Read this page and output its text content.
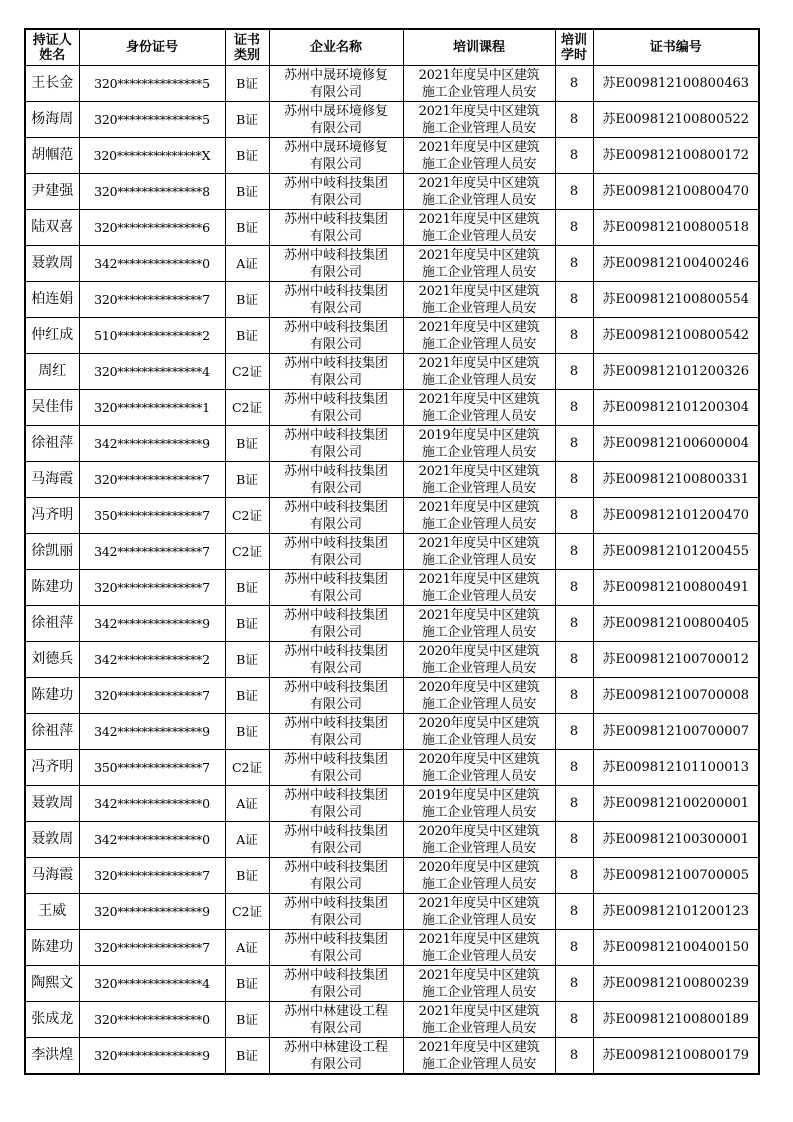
持证人
姓名	身份证号	证书
类别	企业名称	培训课程	培训
学时	证书编号
王长金	320**************5	B证	苏州中晟环境修复
有限公司	2021年度吴中区建筑
施工企业管理人员安	8	苏E009812100800463
杨海周	320**************5	B证	苏州中晟环境修复
有限公司	2021年度吴中区建筑
施工企业管理人员安	8	苏E009812100800522
胡帼范	320**************X	B证	苏州中晟环境修复
有限公司	2021年度吴中区建筑
施工企业管理人员安	8	苏E009812100800172
尹建强	320**************8	B证	苏州中岐科技集团
有限公司	2021年度吴中区建筑
施工企业管理人员安	8	苏E009812100800470
陆双喜	320**************6	B证	苏州中岐科技集团
有限公司	2021年度吴中区建筑
施工企业管理人员安	8	苏E009812100800518
聂敦周	342**************0	A证	苏州中岐科技集团
有限公司	2021年度吴中区建筑
施工企业管理人员安	8	苏E009812100400246
柏连娟	320**************7	B证	苏州中岐科技集团
有限公司	2021年度吴中区建筑
施工企业管理人员安	8	苏E009812100800554
仲红成	510**************2	B证	苏州中岐科技集团
有限公司	2021年度吴中区建筑
施工企业管理人员安	8	苏E009812100800542
周红	320**************4	C2证	苏州中岐科技集团
有限公司	2021年度吴中区建筑
施工企业管理人员安	8	苏E009812101200326
吴佳伟	320**************1	C2证	苏州中岐科技集团
有限公司	2021年度吴中区建筑
施工企业管理人员安	8	苏E009812101200304
徐祖萍	342**************9	B证	苏州中岐科技集团
有限公司	2019年度吴中区建筑
施工企业管理人员安	8	苏E009812100600004
马海霞	320**************7	B证	苏州中岐科技集团
有限公司	2021年度吴中区建筑
施工企业管理人员安	8	苏E009812100800331
冯齐明	350**************7	C2证	苏州中岐科技集团
有限公司	2021年度吴中区建筑
施工企业管理人员安	8	苏E009812101200470
徐凯丽	342**************7	C2证	苏州中岐科技集团
有限公司	2021年度吴中区建筑
施工企业管理人员安	8	苏E009812101200455
陈建功	320**************7	B证	苏州中岐科技集团
有限公司	2021年度吴中区建筑
施工企业管理人员安	8	苏E009812100800491
徐祖萍	342**************9	B证	苏州中岐科技集团
有限公司	2021年度吴中区建筑
施工企业管理人员安	8	苏E009812100800405
刘德兵	342**************2	B证	苏州中岐科技集团
有限公司	2020年度吴中区建筑
施工企业管理人员安	8	苏E009812100700012
陈建功	320**************7	B证	苏州中岐科技集团
有限公司	2020年度吴中区建筑
施工企业管理人员安	8	苏E009812100700008
徐祖萍	342**************9	B证	苏州中岐科技集团
有限公司	2020年度吴中区建筑
施工企业管理人员安	8	苏E009812100700007
冯齐明	350**************7	C2证	苏州中岐科技集团
有限公司	2020年度吴中区建筑
施工企业管理人员安	8	苏E009812101100013
聂敦周	342**************0	A证	苏州中岐科技集团
有限公司	2019年度吴中区建筑
施工企业管理人员安	8	苏E009812100200001
聂敦周	342**************0	A证	苏州中岐科技集团
有限公司	2020年度吴中区建筑
施工企业管理人员安	8	苏E009812100300001
马海霞	320**************7	B证	苏州中岐科技集团
有限公司	2020年度吴中区建筑
施工企业管理人员安	8	苏E009812100700005
王威	320**************9	C2证	苏州中岐科技集团
有限公司	2021年度吴中区建筑
施工企业管理人员安	8	苏E009812101200123
陈建功	320**************7	A证	苏州中岐科技集团
有限公司	2021年度吴中区建筑
施工企业管理人员安	8	苏E009812100400150
陶熙文	320**************4	B证	苏州中岐科技集团
有限公司	2021年度吴中区建筑
施工企业管理人员安	8	苏E009812100800239
张成龙	320**************0	B证	苏州中林建设工程
有限公司	2021年度吴中区建筑
施工企业管理人员安	8	苏E009812100800189
李洪煌	320**************9	B证	苏州中林建设工程
有限公司	2021年度吴中区建筑
施工企业管理人员安	8	苏E009812100800179
